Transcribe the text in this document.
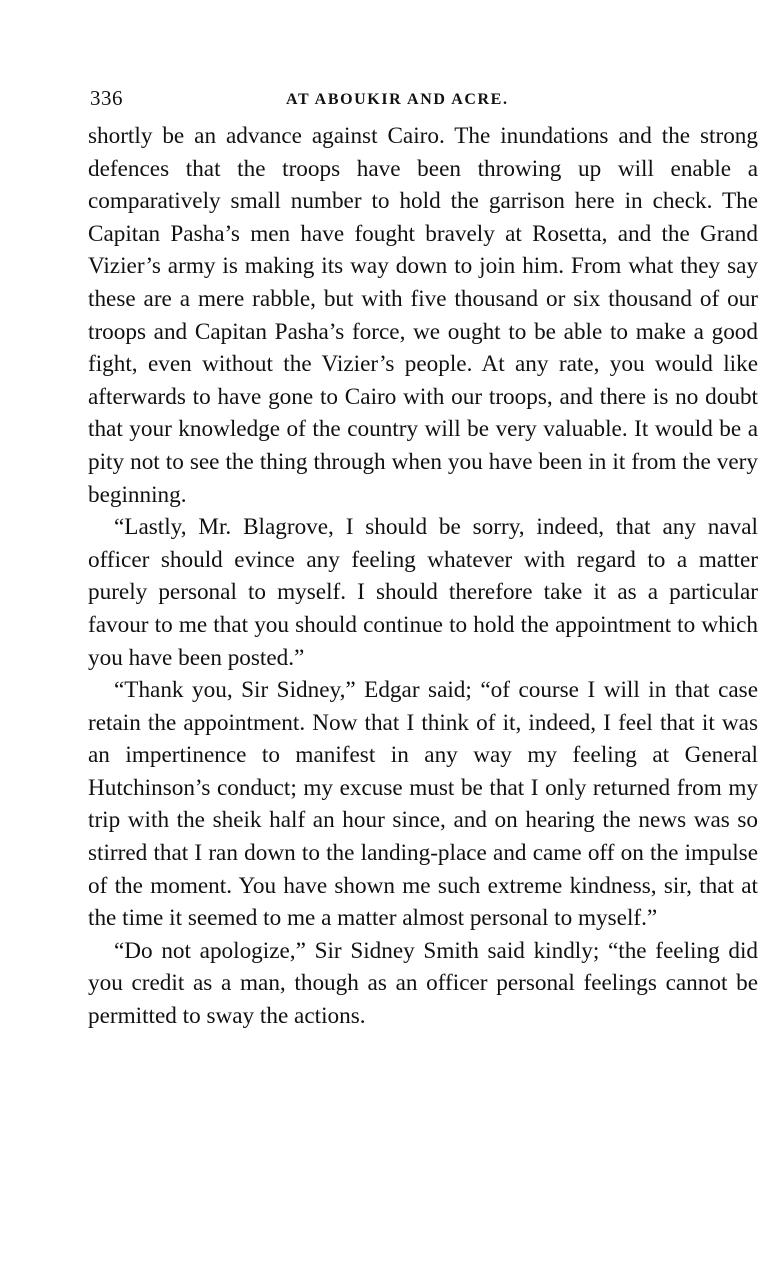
336	AT ABOUKIR AND ACRE.

shortly be an advance against Cairo. The inundations and the strong defences that the troops have been throwing up will enable a comparatively small number to hold the garrison here in check. The Capitan Pasha’s men have fought bravely at Rosetta, and the Grand Vizier’s army is making its way down to join him. From what they say these are a mere rabble, but with five thousand or six thousand of our troops and Capitan Pasha’s force, we ought to be able to make a good fight, even without the Vizier’s people. At any rate, you would like afterwards to have gone to Cairo with our troops, and there is no doubt that your knowledge of the country will be very valuable. It would be a pity not to see the thing through when you have been in it from the very beginning.

“Lastly, Mr. Blagrove, I should be sorry, indeed, that any naval officer should evince any feeling whatever with regard to a matter purely personal to myself. I should therefore take it as a particular favour to me that you should continue to hold the appointment to which you have been posted.”

“Thank you, Sir Sidney,” Edgar said; “of course I will in that case retain the appointment. Now that I think of it, indeed, I feel that it was an impertinence to manifest in any way my feeling at General Hutchinson’s conduct; my excuse must be that I only returned from my trip with the sheik half an hour since, and on hearing the news was so stirred that I ran down to the landing-place and came off on the impulse of the moment. You have shown me such extreme kindness, sir, that at the time it seemed to me a matter almost personal to myself.”

“Do not apologize,” Sir Sidney Smith said kindly; “the feeling did you credit as a man, though as an officer personal feelings cannot be permitted to sway the actions.
